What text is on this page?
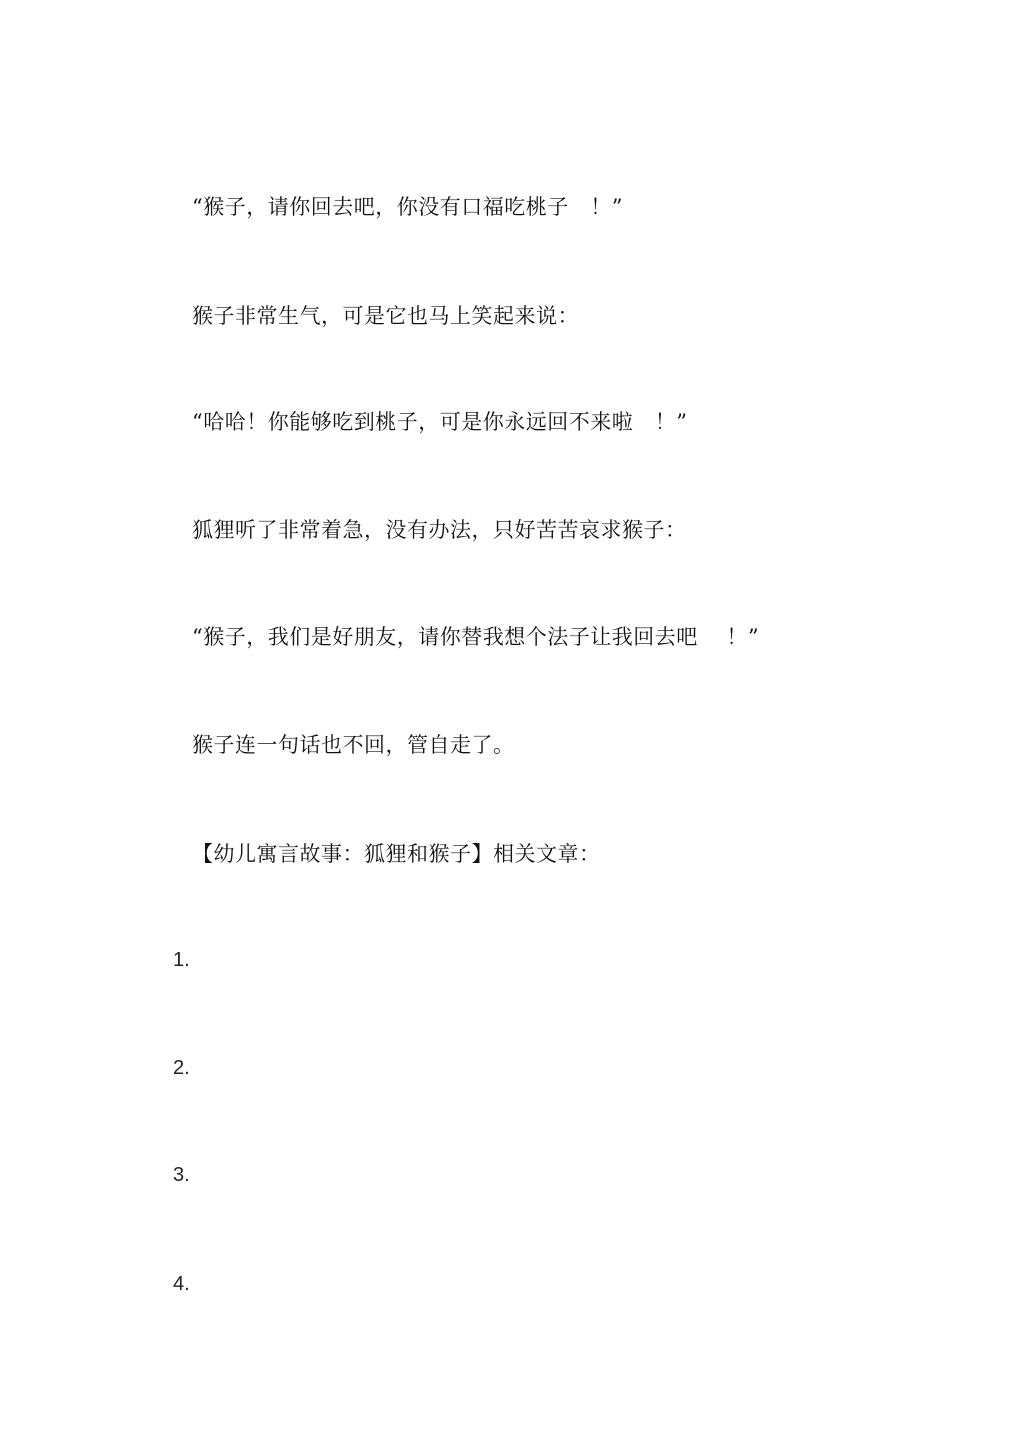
“猴子，请你回去吧，你没有口福吃桃子　！”
猴子非常生气，可是它也马上笑起来说：
“哈哈！你能够吃到桃子，可是你永远回不来啦　！”
狐狸听了非常着急，没有办法，只好苦苦哀求猴子：
“猴子，我们是好朋友，请你替我想个法子让我回去吧　 ！”
猴子连一句话也不回，管自走了。
【幼儿寓言故事：狐狸和猴子】相关文章：
1.
2.
3.
4.
